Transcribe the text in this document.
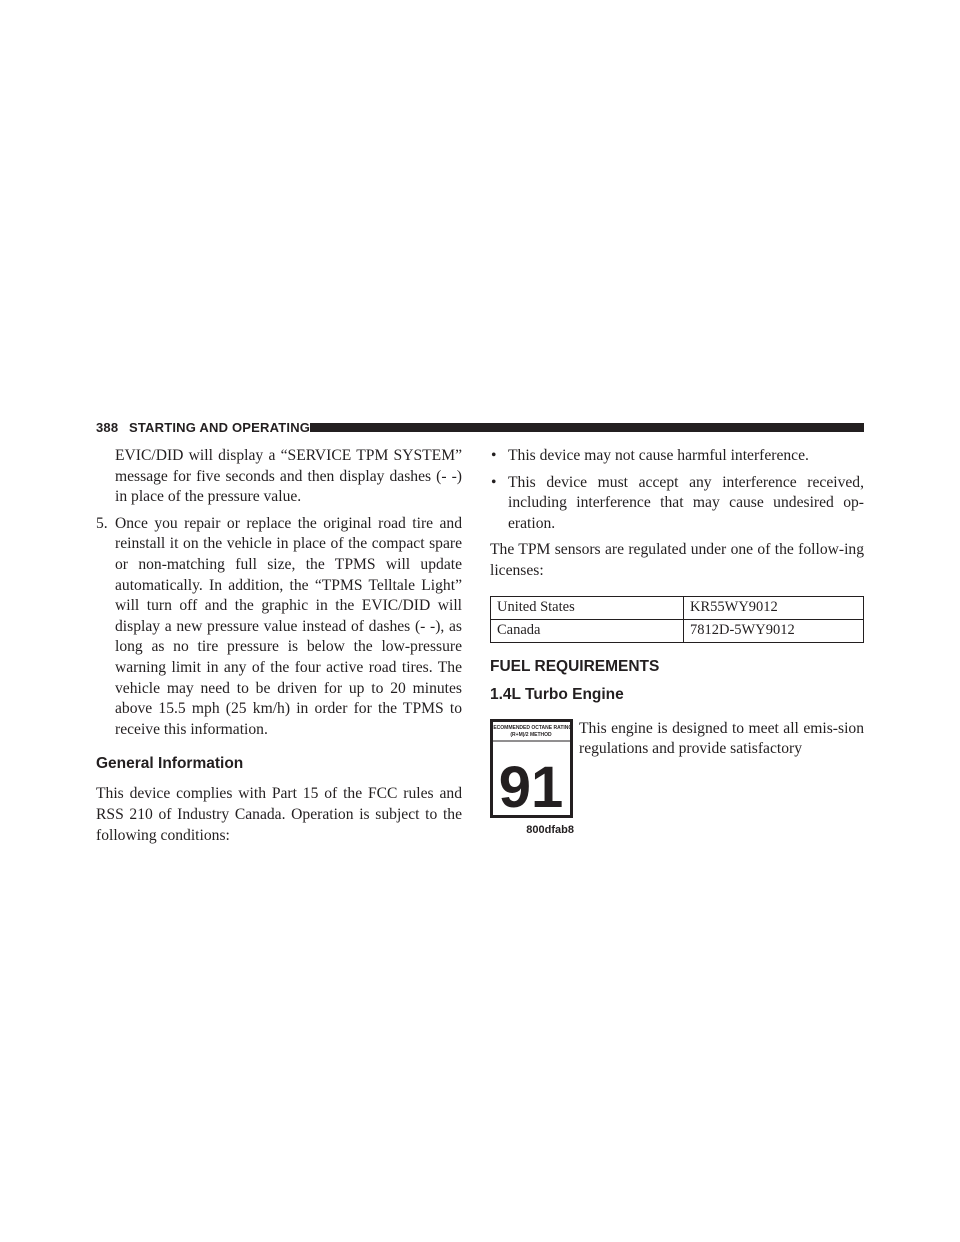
388 STARTING AND OPERATING

EVIC/DID will display a “SERVICE TPM SYSTEM” message for five seconds and then display dashes (- -) in place of the pressure value.

5. Once you repair or replace the original road tire and reinstall it on the vehicle in place of the compact spare or non-matching full size, the TPMS will update automatically. In addition, the “TPMS Telltale Light” will turn off and the graphic in the EVIC/DID will display a new pressure value instead of dashes (- -), as long as no tire pressure is below the low-pressure warning limit in any of the four active road tires. The vehicle may need to be driven for up to 20 minutes above 15.5 mph (25 km/h) in order for the TPMS to receive this information.

General Information

This device complies with Part 15 of the FCC rules and RSS 210 of Industry Canada. Operation is subject to the following conditions:

• This device may not cause harmful interference.

• This device must accept any interference received, including interference that may cause undesired op-eration.

The TPM sensors are regulated under one of the follow-ing licenses:

United States	KR55WY9012
Canada	7812D-5WY9012
FUEL REQUIREMENTS
1.4L Turbo Engine
RECOMMENDED OCTANE RATING
(R+M)/2 METHOD
91
800dfab8

This engine is designed to meet all emis-sion regulations and provide satisfactory
